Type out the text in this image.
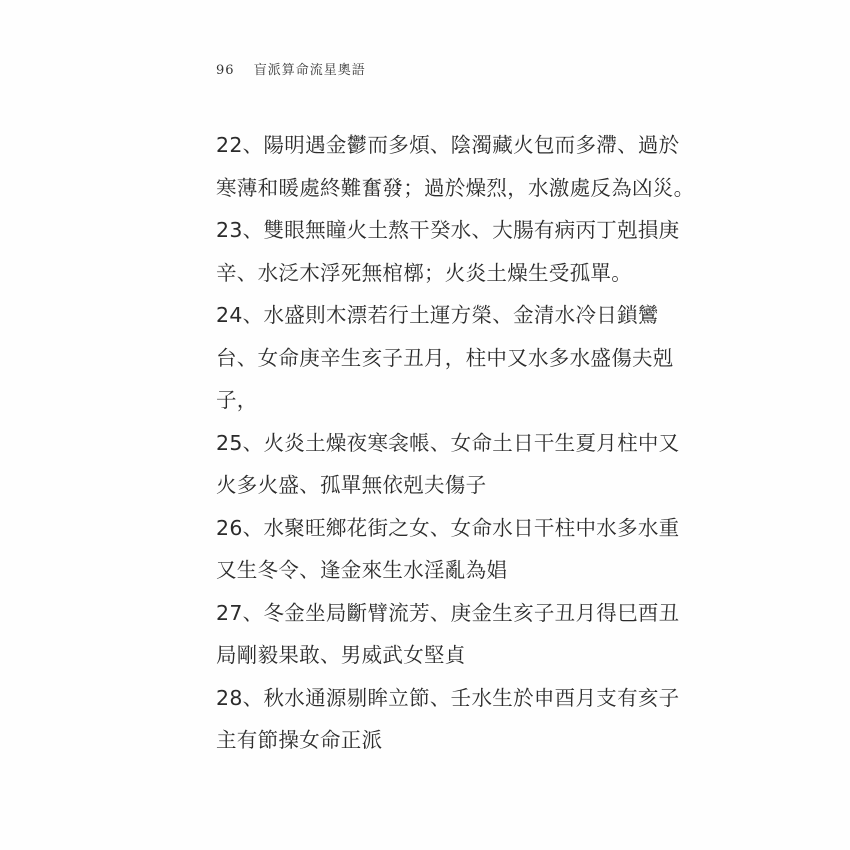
96 盲派算命流星奧語
22、陽明遇金鬱而多煩、陰濁藏火包而多滯、過於
寒薄和暖處終難奮發；過於燥烈，水激處反為凶災。
23、雙眼無瞳火土熬干癸水、大腸有病丙丁剋損庚
辛、水泛木浮死無棺槨；火炎土燥生受孤單。
24、水盛則木漂若行土運方榮、金清水冷日鎖鸞
台、女命庚辛生亥子丑月，柱中又水多水盛傷夫剋
子，
25、火炎土燥夜寒衾帳、女命土日干生夏月柱中又
火多火盛、孤單無依剋夫傷子
26、水聚旺鄉花街之女、女命水日干柱中水多水重
又生冬令、逢金來生水淫亂為娼
27、冬金坐局斷臂流芳、庚金生亥子丑月得巳酉丑
局剛毅果敢、男威武女堅貞
28、秋水通源剔眸立節、壬水生於申酉月支有亥子
主有節操女命正派
